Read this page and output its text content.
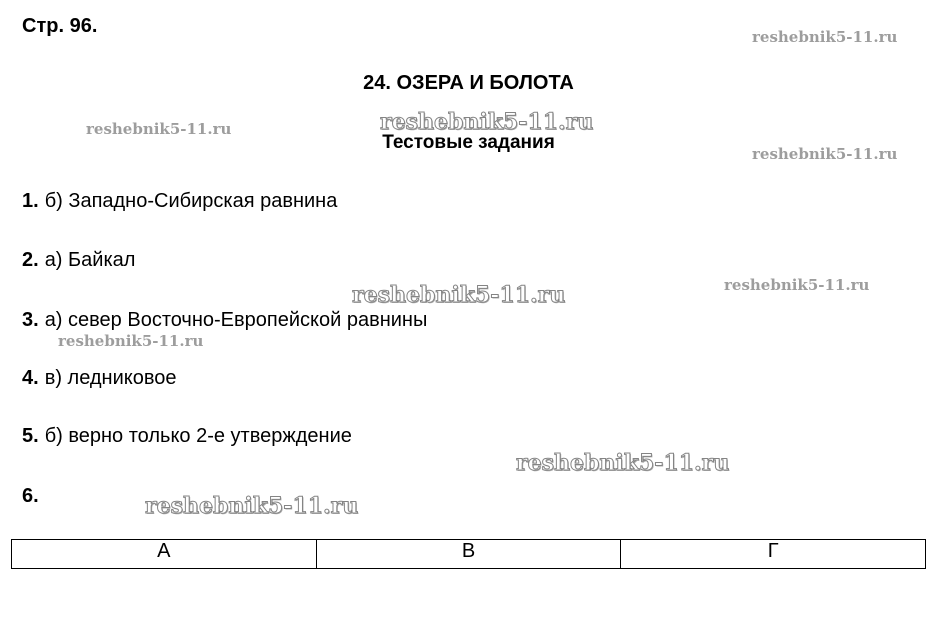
Стр. 96.
24. ОЗЕРА И БОЛОТА
Тестовые задания
1. б) Западно-Сибирская равнина
2. а) Байкал
3. а) север Восточно-Европейской равнины
4. в) ледниковое
5. б) верно только 2-е утверждение
6.
А	В	Г
reshebnik5-11.ru
reshebnik5-11.ru	reshebnik5-11.ru
reshebnik5-11.ru
reshebnik5-11.ru
reshebnik5-11.ru
reshebnik5-11.ru
reshebnik5-11.ru
reshebnik5-11.ru
